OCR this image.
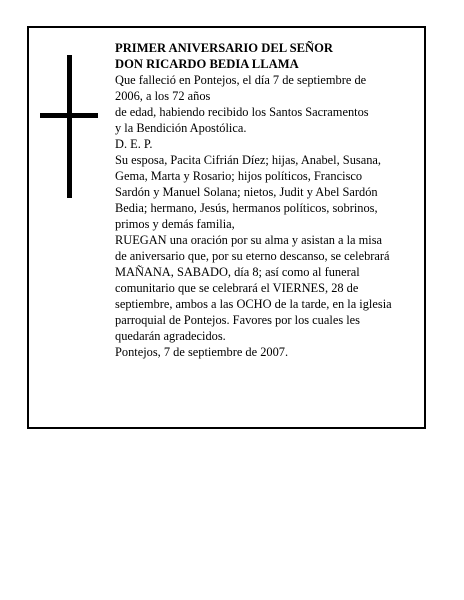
PRIMER ANIVERSARIO DEL SEÑOR
DON RICARDO BEDIA LLAMA
Que falleció en Pontejos, el día 7 de septiembre de
2006, a los 72 años
de edad, habiendo recibido los Santos Sacramentos
y la Bendición Apostólica.
D. E. P.
Su esposa, Pacita Cifrián Díez; hijas, Anabel, Susana,
Gema, Marta y Rosario; hijos políticos, Francisco
Sardón y Manuel Solana; nietos, Judit y Abel Sardón
Bedia; hermano, Jesús, hermanos políticos, sobrinos,
primos y demás familia,
RUEGAN una oración por su alma y asistan a la misa
de aniversario que, por su eterno descanso, se celebrará
MAÑANA, SABADO, día 8; así como al funeral
comunitario que se celebrará el VIERNES, 28 de
septiembre, ambos a las OCHO de la tarde, en la iglesia
parroquial de Pontejos. Favores por los cuales les
quedarán agradecidos.
Pontejos, 7 de septiembre de 2007.
